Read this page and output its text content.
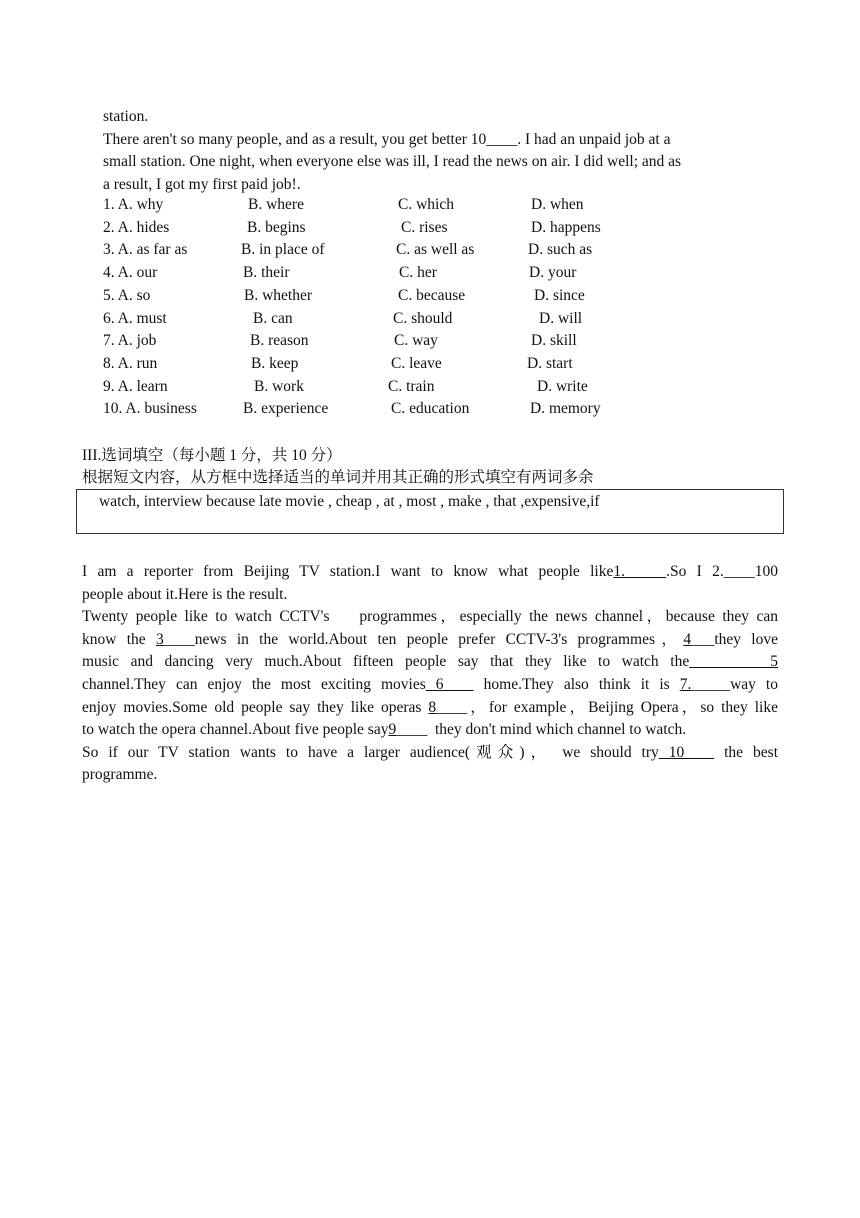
station.
There aren't so many people, and as a result, you get better 10____. I had an unpaid job at a
small station. One night, when everyone else was ill, I read the news on air. I did well; and as
a result, I got my first paid job!.
1. A. why	B. where	C. which	D. when
2. A. hides	B. begins	C. rises	D. happens
3. A. as far as	B. in place of	C. as well as	D. such as
4. A. our	B. their	C. her	D. your
5. A. so	B. whether	C. because	D. since
6. A. must	B. can	C. should	D. will
7. A. job	B. reason	C. way	D. skill
8. A. run	B. keep	C. leave	D. start
9. A. learn	B. work	C. train	D. write
10. A. business	B. experience	C. education	D. memory
III.选词填空（每小题 1 分，共 10 分）
根据短文内容，从方框中选择适当的单词并用其正确的形式填空有两词多余
watch, interview because late movie , cheap , at , most , make , that ,expensive,if
I am a reporter from Beijing TV station.I want to know what people like1.    .So I 2.____100
people about it.Here is the result.
Twenty people like to watch CCTV's    programmes，especially the news channel，because they can
know the 3____news in the world.About ten people prefer CCTV-3's programmes，4___they love
music and dancing very much.About fifteen people say that they like to watch the       5
channel.They can enjoy the most exciting movies 6    home.They also think it is 7._____way to
enjoy movies.Some old people say they like operas 8____，for example，Beijing Opera，so they like
to watch the opera channel.About five people say9____  they don't mind which channel to watch.
So if our TV station wants to have a larger audience(观众)， we should try 10    the best
programme.
